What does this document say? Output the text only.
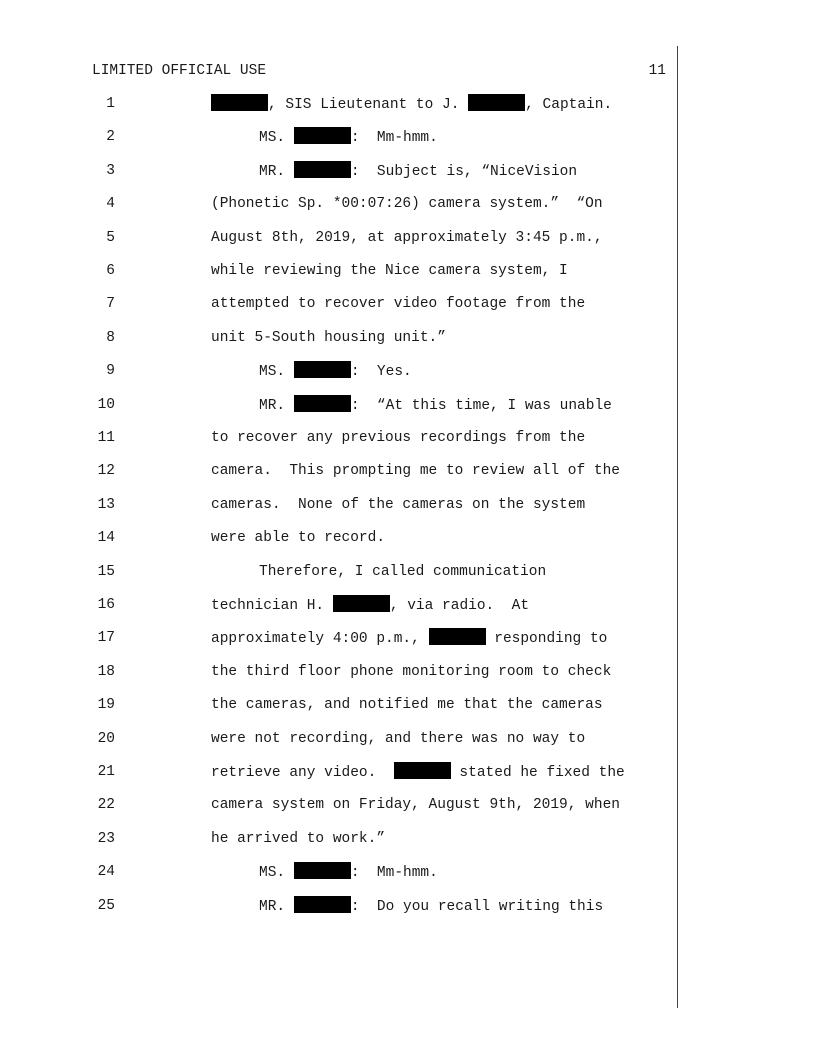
LIMITED OFFICIAL USE	11
1	, SIS Lieutenant to J.	, Captain.
2	MS.	:  Mm-hmm.
3	MR.	:  Subject is, “NiceVision
4	(Phonetic Sp. *00:07:26) camera system.”  “On
5	August 8th, 2019, at approximately 3:45 p.m.,
6	while reviewing the Nice camera system, I
7	attempted to recover video footage from the
8	unit 5-South housing unit.”
9	MS.	:  Yes.
10	MR.	:  “At this time, I was unable
11	to recover any previous recordings from the
12	camera.  This prompting me to review all of the
13	cameras.  None of the cameras on the system
14	were able to record.
15	Therefore, I called communication
16	technician H.	, via radio.  At
17	approximately 4:00 p.m.,	responding to
18	the third floor phone monitoring room to check
19	the cameras, and notified me that the cameras
20	were not recording, and there was no way to
21	retrieve any video.	stated he fixed the
22	camera system on Friday, August 9th, 2019, when
23	he arrived to work.”
24	MS.	:  Mm-hmm.
25	MR.	:  Do you recall writing this
